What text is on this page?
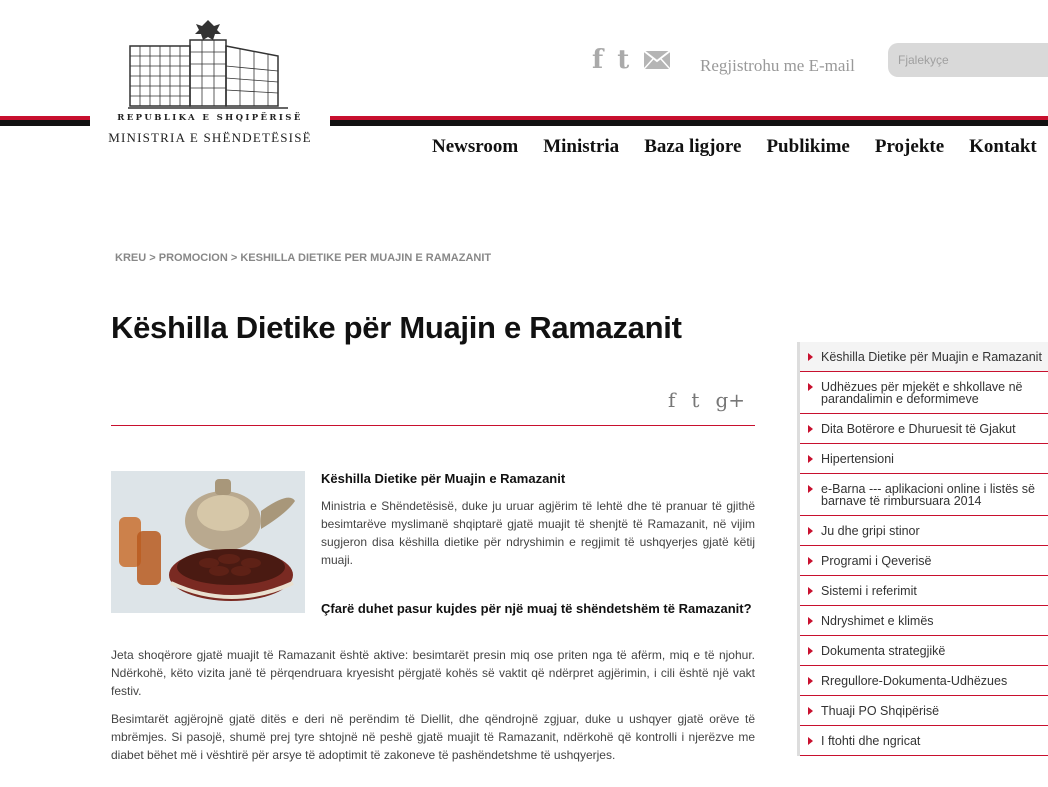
REPUBLIKA E SHQIPËRISË
MINISTRIA E SHËNDETËSISË
f t	Regjistrohu me E-mail
Fjalekyçe
Newsroom Ministria Baza ligjore Publikime Projekte Kontakt
KREU > PROMOCION > KESHILLA DIETIKE PER MUAJIN E RAMAZANIT
Këshilla Dietike për Muajin e Ramazanit
f t g+
Këshilla Dietike për Muajin e Ramazanit

Ministria e Shëndetësisë, duke ju uruar agjërim të lehtë dhe të pranuar të gjithë besimtarëve myslimanë shqiptarë gjatë muajit të shenjtë të Ramazanit, në vijim sugjeron disa këshilla dietike për ndryshimin e regjimit të ushqyerjes gjatë këtij muaji.

Çfarë duhet pasur kujdes për një muaj të shëndetshëm të Ramazanit?

Jeta shoqërore gjatë muajit të Ramazanit është aktive: besimtarët presin miq ose priten nga të afërm, miq e të njohur. Ndërkohë, këto vizita janë të përqendruara kryesisht përgjatë kohës së vaktit që ndërpret agjërimin, i cili është një vakt festiv.

Besimtarët agjërojnë gjatë ditës e deri në perëndim të Diellit, dhe qëndrojnë zgjuar, duke u ushqyer gjatë orëve të mbrëmjes. Si pasojë, shumë prej tyre shtojnë në peshë gjatë muajit të Ramazanit, ndërkohë që kontrolli i njerëzve me diabet bëhet më i vështirë për arsye të adoptimit të zakoneve të pashëndetshme të ushqyerjes.

Këshilla Dietike për Muajin e Ramazanit
Udhëzues për mjekët e shkollave në parandalimin e deformimeve
Dita Botërore e Dhuruesit të Gjakut
Hipertensioni
e-Barna --- aplikacioni online i listës së barnave të rimbursuara 2014
Ju dhe gripi stinor
Programi i Qeverisë
Sistemi i referimit
Ndryshimet e klimës
Dokumenta strategjikë
Rregullore-Dokumenta-Udhëzues
Thuaji PO Shqipërisë
I ftohti dhe ngricat
